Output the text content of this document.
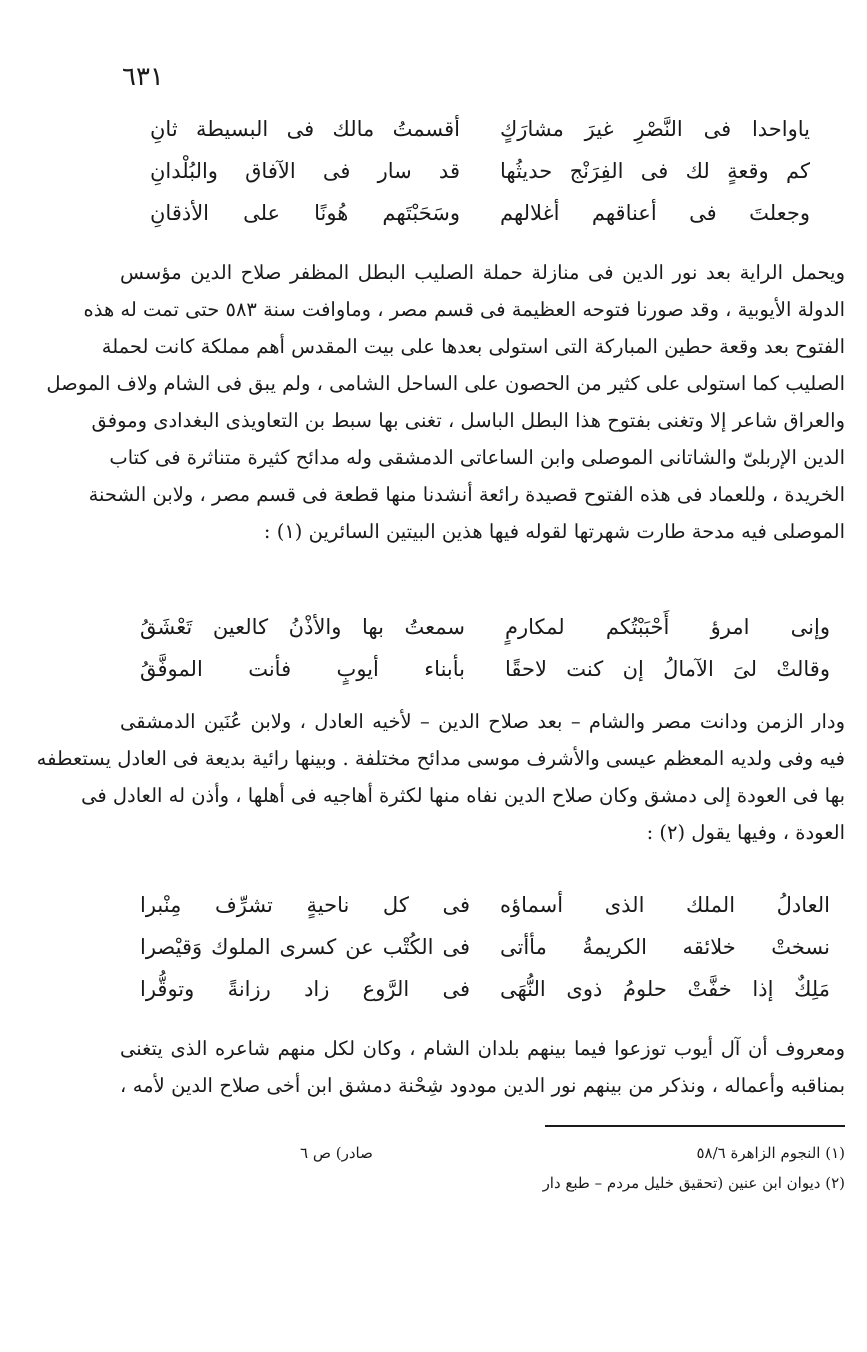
٦٣١
ياواحدا فى النَّصْرِ غيرَ مشارَكٍ
أقسمتُ مالك فى البسيطة ثانِ
كم وقعةٍ لك فى الفِرَنْج حديثُها
قد سار فى الآفاق والبُلْدانِ
وجعلتَ فى أعناقهم أغلالهم
وسَحَبْتَهم هُونًا على الأذقانِ
ويحمل الراية بعد نور الدين فى منازلة حملة الصليب البطل المظفر صلاح الدين مؤسس
الدولة الأيوبية ، وقد صورنا فتوحه العظيمة فى قسم مصر ، وماوافت سنة ٥٨٣ حتى تمت له هذه
الفتوح بعد وقعة حطين المباركة التى استولى بعدها على بيت المقدس أهم مملكة كانت لحملة
الصليب كما استولى على كثير من الحصون على الساحل الشامى ، ولم يبق فى الشام ولاف الموصل
والعراق شاعر إلا وتغنى بفتوح هذا البطل الباسل ، تغنى بها سبط بن التعاويذى البغدادى وموفق
الدين الإربلىّ والشاتانى الموصلى وابن الساعاتى الدمشقى وله مدائح كثيرة متناثرة فى كتاب
الخريدة ، وللعماد فى هذه الفتوح قصيدة رائعة أنشدنا منها قطعة فى قسم مصر ، ولابن الشحنة
الموصلى فيه مدحة طارت شهرتها لقوله فيها هذين البيتين السائرين (١) :
وإنى امرؤ أَحْبَبْتُكم لمكارمٍ
سمعتُ بها والأذْنُ كالعين تَعْشَقُ
وقالتْ لىَ الآمالُ إن كنت لاحقًا
بأبناء أيوبٍ فأنت الموفَّقُ
ودار الزمن ودانت مصر والشام – بعد صلاح الدين – لأخيه العادل ، ولابن عُنَين الدمشقى
فيه وفى ولديه المعظم عيسى والأشرف موسى مدائح مختلفة . وبينها رائية بديعة فى العادل يستعطفه
بها فى العودة إلى دمشق وكان صلاح الدين نفاه منها لكثرة أهاجيه فى أهلها ، وأذن له العادل فى
العودة ، وفيها يقول (٢) :
العادلُ الملك الذى أسماؤه
فى كل ناحيةٍ تشرِّف مِنْبرا
نسختْ خلائقه الكريمةُ مأأتى
فى الكُتْب عن كسرى الملوك وَقيْصرا
مَلِكٌ إذا خفَّتْ حلومُ ذوى النُّهَى
فى الرَّوع زاد رزانةً وتوقُّرا
ومعروف أن آل أيوب توزعوا فيما بينهم بلدان الشام ، وكان لكل منهم شاعره الذى يتغنى
بمناقبه وأعماله ، ونذكر من بينهم نور الدين مودود شِحْنة دمشق ابن أخى صلاح الدين لأمه ،
(١) النجوم الزاهرة ٥٨/٦
صادر) ص ٦
(٢) ديوان ابن عنين (تحقيق خليل مردم – طبع دار
